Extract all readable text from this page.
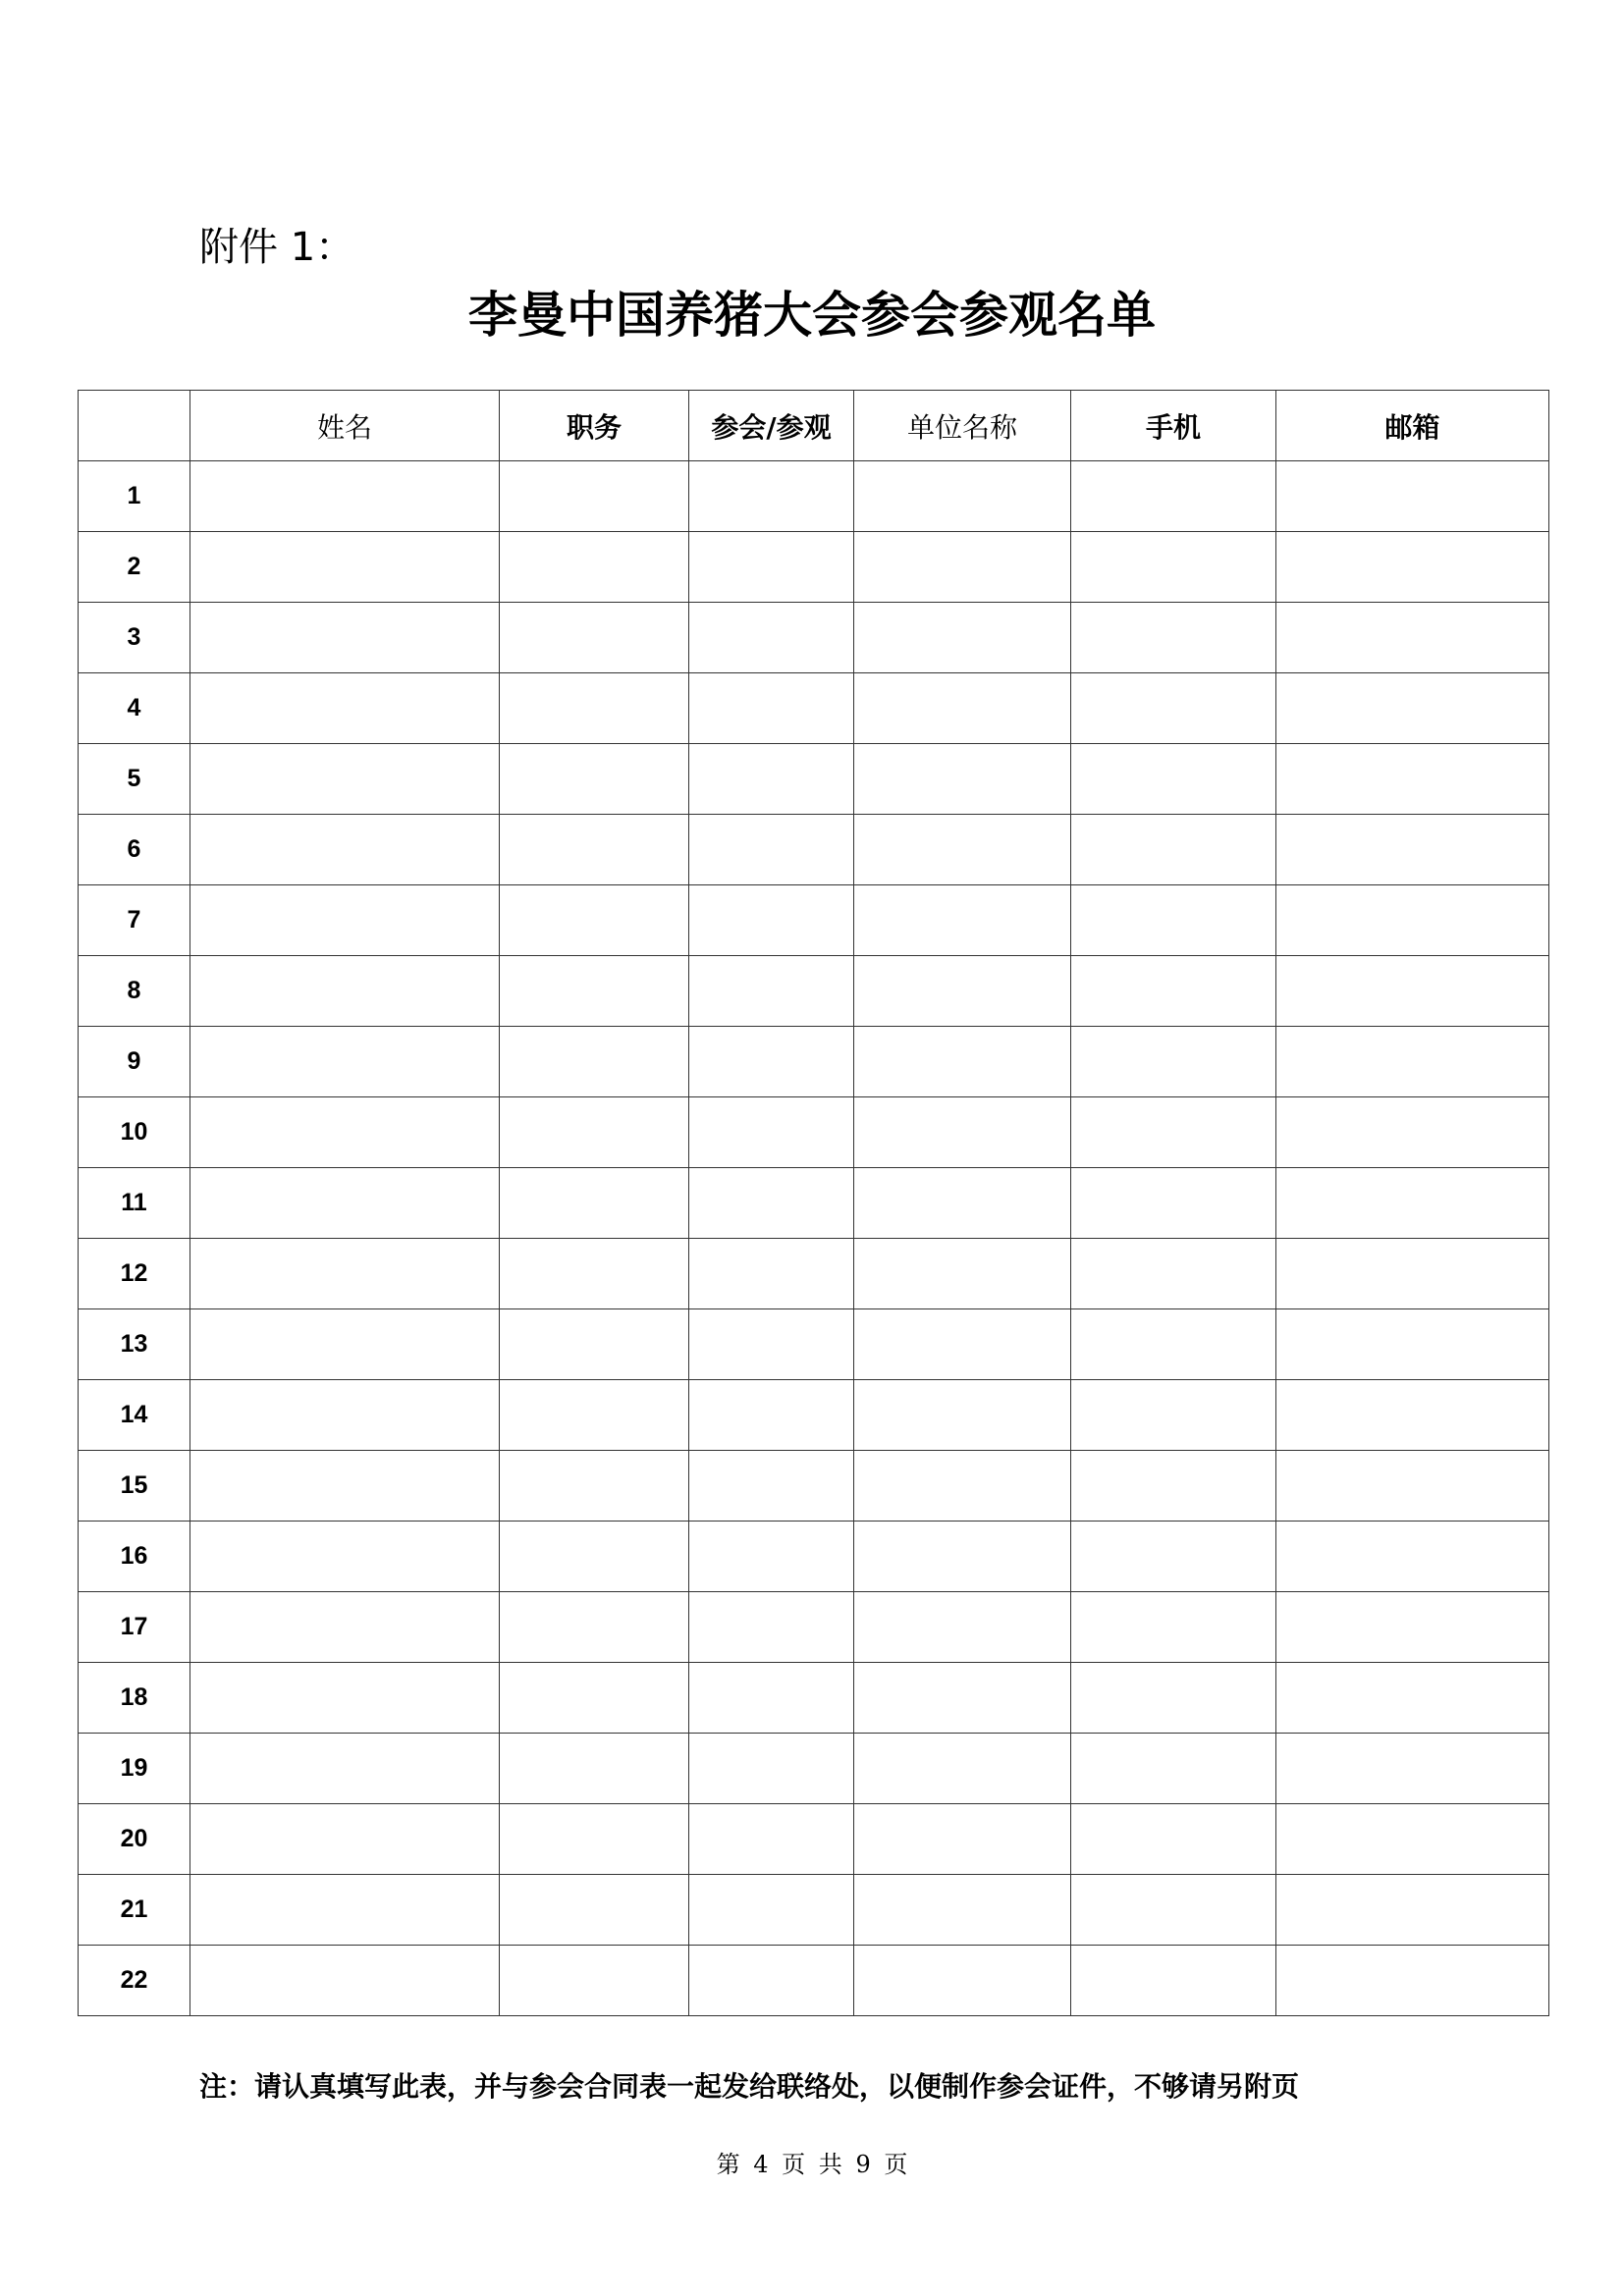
附件 1：
李曼中国养猪大会参会参观名单
	姓名	职务	参会/参观	单位名称	手机	邮箱
1						
2						
3						
4						
5						
6						
7						
8						
9						
10						
11						
12						
13						
14						
15						
16						
17						
18						
19						
20						
21						
22						
注：请认真填写此表，并与参会合同表一起发给联络处，以便制作参会证件，不够请另附页
第 4 页 共 9 页
